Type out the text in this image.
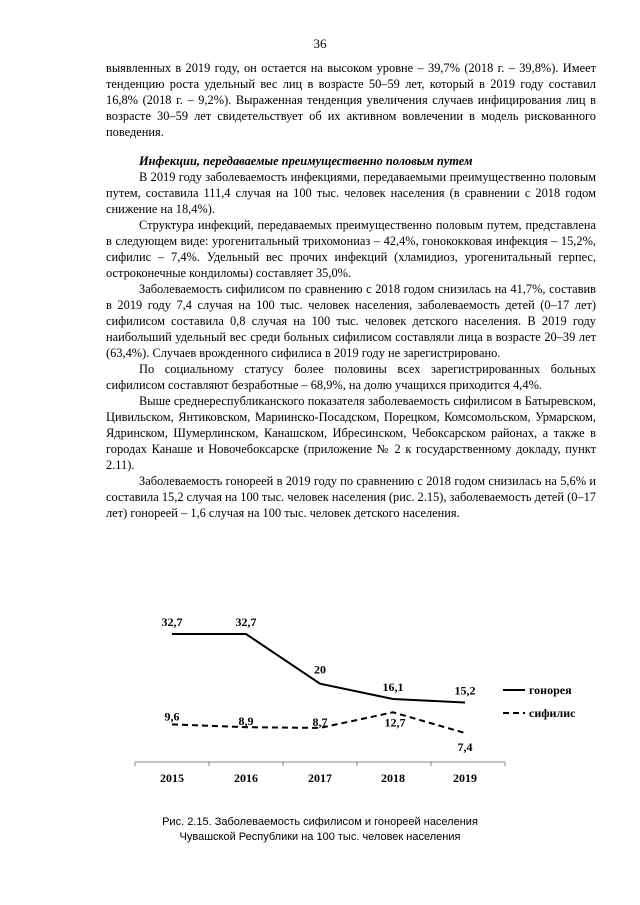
36

выявленных в 2019 году, он остается на высоком уровне – 39,7% (2018 г. – 39,8%). Имеет тенденцию роста удельный вес лиц в возрасте 50–59 лет, который в 2019 году составил 16,8% (2018 г. – 9,2%). Выраженная тенденция увеличения случаев инфицирования лиц в возрасте 30–59 лет свидетельствует об их активном вовлечении в модель рискованного поведения.

Инфекции, передаваемые преимущественно половым путем

В 2019 году заболеваемость инфекциями, передаваемыми преимущественно половым путем, составила 111,4 случая на 100 тыс. человек населения (в сравнении с 2018 годом снижение на 18,4%).

Структура инфекций, передаваемых преимущественно половым путем, представлена в следующем виде: урогенитальный трихомониаз – 42,4%, гонококковая инфекция – 15,2%, сифилис – 7,4%. Удельный вес прочих инфекций (хламидиоз, урогенитальный герпес, остроконечные кондиломы) составляет 35,0%.

Заболеваемость сифилисом по сравнению с 2018 годом снизилась на 41,7%, составив в 2019 году 7,4 случая на 100 тыс. человек населения, заболеваемость детей (0–17 лет) сифилисом составила 0,8 случая на 100 тыс. человек детского населения. В 2019 году наибольший удельный вес среди больных сифилисом составляли лица в возрасте 20–39 лет (63,4%). Случаев врожденного сифилиса в 2019 году не зарегистрировано.

По социальному статусу более половины всех зарегистрированных больных сифилисом составляют безработные – 68,9%, на долю учащихся приходится 4,4%.

Выше среднереспубликанского показателя заболеваемость сифилисом в Батыревском, Цивильском, Янтиковском, Мариинско-Посадском, Порецком, Комсомольском, Урмарском, Ядринском, Шумерлинском, Канашском, Ибресинском, Чебоксарском районах, а также в городах Канаше и Новочебоксарске (приложение № 2 к государственному докладу, пункт 2.11).

Заболеваемость гонореей в 2019 году по сравнению с 2018 годом снизилась на 5,6% и составила 15,2 случая на 100 тыс. человек населения (рис. 2.15), заболеваемость детей (0–17 лет) гонореей – 1,6 случая на 100 тыс. человек детского населения.

2015	2016	2017	2018	2019
32,7	32,7
20
16,1	15,2	гонорея
9,6	8,9	8,7	12,7
7,4
сифилис
Рис. 2.15. Заболеваемость сифилисом и гонореей населения
Чувашской Республики на 100 тыс. человек населения
